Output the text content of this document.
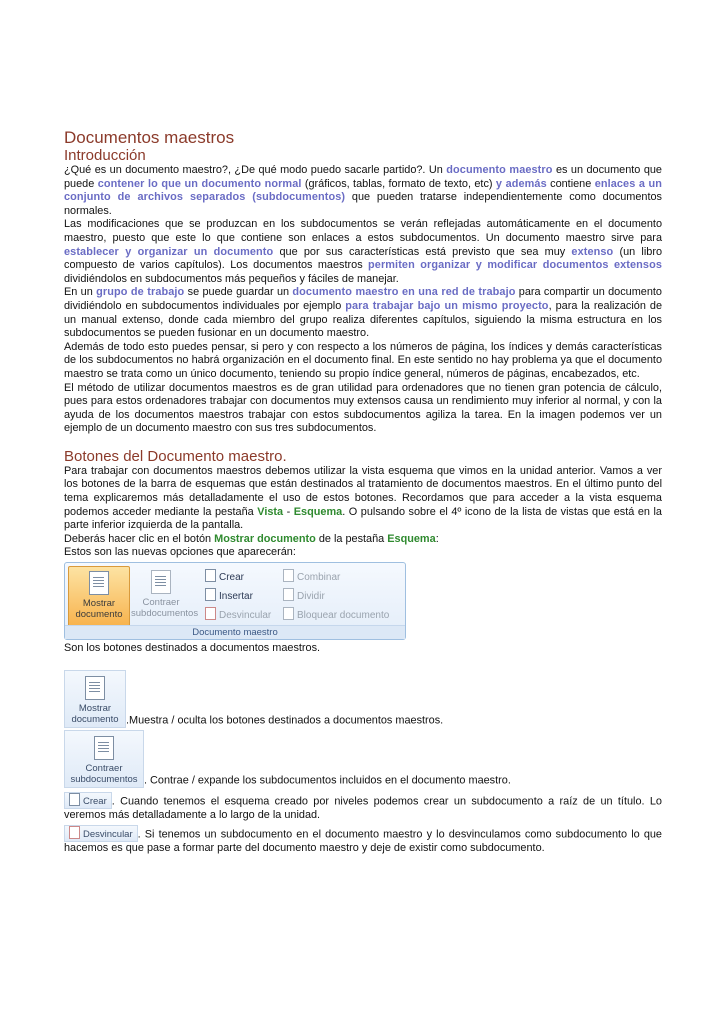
Documentos maestros
Introducción

¿Qué es un documento maestro?, ¿De qué modo puedo sacarle partido?. Un documento maestro es un documento que puede contener lo que un documento normal (gráficos, tablas, formato de texto, etc) y además contiene enlaces a un conjunto de archivos separados (subdocumentos) que pueden tratarse independientemente como documentos normales.

Las modificaciones que se produzcan en los subdocumentos se verán reflejadas automáticamente en el documento maestro, puesto que este lo que contiene son enlaces a estos subdocumentos. Un documento maestro sirve para establecer y organizar un documento que por sus características está previsto que sea muy extenso (un libro compuesto de varios capítulos). Los documentos maestros permiten organizar y modificar documentos extensos dividiéndolos en subdocumentos más pequeños y fáciles de manejar.

En un grupo de trabajo se puede guardar un documento maestro en una red de trabajo para compartir un documento dividiéndolo en subdocumentos individuales por ejemplo para trabajar bajo un mismo proyecto, para la realización de un manual extenso, donde cada miembro del grupo realiza diferentes capítulos, siguiendo la misma estructura en los subdocumentos se pueden fusionar en un documento maestro.

Además de todo esto puedes pensar, si pero y con respecto a los números de página, los índices y demás características de los subdocumentos no habrá organización en el documento final. En este sentido no hay problema ya que el documento maestro se trata como un único documento, teniendo su propio índice general, números de páginas, encabezados, etc.

El método de utilizar documentos maestros es de gran utilidad para ordenadores que no tienen gran potencia de cálculo, pues para estos ordenadores trabajar con documentos muy extensos causa un rendimiento muy inferior al normal, y con la ayuda de los documentos maestros trabajar con estos subdocumentos agiliza la tarea. En la imagen podemos ver un ejemplo de un documento maestro con sus tres subdocumentos.

Botones del Documento maestro.

Para trabajar con documentos maestros debemos utilizar la vista esquema que vimos en la unidad anterior. Vamos a ver los botones de la barra de esquemas que están destinados al tratamiento de documentos maestros. En el último punto del tema explicaremos más detalladamente el uso de estos botones. Recordamos que para acceder a la vista esquema podemos acceder mediante la pestaña Vista - Esquema. O pulsando sobre el 4º icono de la lista de vistas que está en la parte inferior izquierda de la pantalla.

Deberás hacer clic en el botón Mostrar documento de la pestaña Esquema:

Estos son las nuevas opciones que aparecerán:

Mostrar
documento
Contraer
subdocumentos
Crear
Insertar
Desvincular
Combinar
Dividir
Bloquear documento
Documento maestro

Son los botones destinados a documentos maestros.

Mostrar
documento .Muestra / oculta los botones destinados a documentos maestros.
Contraer
subdocumentos . Contrae / expande los subdocumentos incluidos en el documento maestro.

Crear . Cuando tenemos el esquema creado por niveles podemos crear un subdocumento a raíz de un título. Lo veremos más detalladamente a lo largo de la unidad.

Desvincular . Si tenemos un subdocumento en el documento maestro y lo desvinculamos como subdocumento lo que hacemos es que pase a formar parte del documento maestro y deje de existir como subdocumento.
